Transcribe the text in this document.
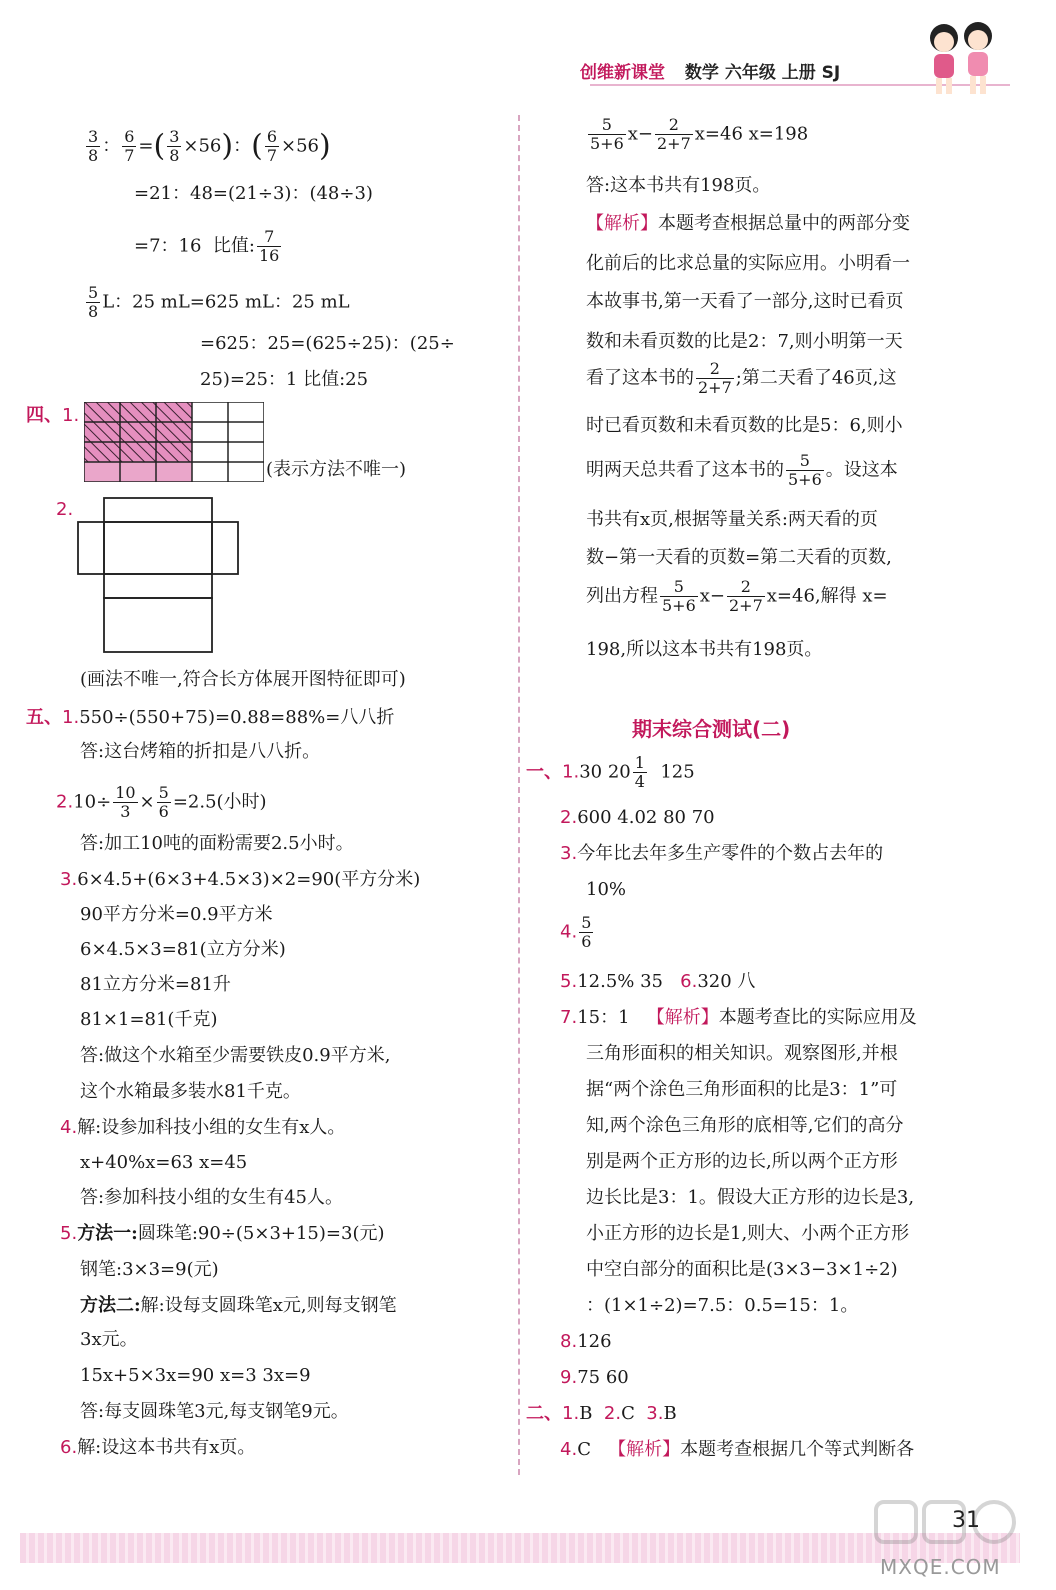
创维新课堂 数学 六年级 上册 SJ
$\frac{3}{8}$ ： $\frac{6}{7}$ =( $\frac{3}{8} \times 56$)：( $\frac{6}{7} \times 56$)
=21：48=(21÷3)：(48÷3)
=7：16 比值: $\frac{7}{16}$
$\frac{5}{8}$ L：25 mL=625 mL：25 mL
=625：25=(625÷25)：(25÷
25)=25：1 比值:25
四、1.
(表示方法不唯一)
2.
(画法不唯一,符合长方体展开图特征即可)
五、1.550÷(550+75)=0.88=88%=八八折
答:这台烤箱的折扣是八八折。
$2.10\div \frac{10}{3} \times \frac{5}{6} =2.5$(小时)
答:加工10吨的面粉需要2.5小时。
3.6×4.5+(6×3+4.5×3)×2=90(平方分米)
90平方分米=0.9平方米
6×4.5×3=81(立方分米)
81立方分米=81升
81×1=81(千克)
答:做这个水箱至少需要铁皮0.9平方米,
这个水箱最多装水81千克。
4.解:设参加科技小组的女生有x人。
x+40%x=63 x=45
答:参加科技小组的女生有45人。
5.方法一:圆珠笔:90÷(5×3+15)=3(元)
钢笔:3×3=9(元)
方法二:解:设每支圆珠笔x元,则每支钢笔
3x元。
15x+5×3x=90 x=3 3x=9
答:每支圆珠笔3元,每支钢笔9元。
6.解:设这本书共有x页。
$\frac{5}{5+6} x- \frac{2}{2+7} x=46$ x=198
答:这本书共有198页。
【解析】本题考查根据总量中的两部分变
化前后的比求总量的实际应用。小明看一
本故事书,第一天看了一部分,这时已看页
数和未看页数的比是2：7,则小明第一天
看了这本书的 $\frac{2}{2+7}$ ;第二天看了46页,这
时已看页数和未看页数的比是5：6,则小
明两天总共看了这本书的 $\frac{5}{5+6}$ 。设这本
书共有x页,根据等量关系:两天看的页
数−第一天看的页数=第二天看的页数,
列出方程 $\frac{5}{5+6} x- \frac{2}{2+7} x=46$,解得 x=
198,所以这本书共有198页。
期末综合测试(二)
一、1.30 $20 \frac{1}{4} 125$
2.600 4.02 80 70
3.今年比去年多生产零件的个数占去年的
10%
4. $\frac{5}{6}$
5.12.5% 35 6.320 八
7.15：1 【解析】本题考查比的实际应用及
三角形面积的相关知识。观察图形,并根
据“两个涂色三角形面积的比是3：1”可
知,两个涂色三角形的底相等,它们的高分
别是两个正方形的边长,所以两个正方形
边长比是3：1。假设大正方形的边长是3,
小正方形的边长是1,则大、小两个正方形
中空白部分的面积比是(3×3−3×1÷2)
：(1×1÷2)=7.5：0.5=15：1。
8.126
9.75 60
二、1.B 2.C 3.B
4.C 【解析】本题考查根据几个等式判断各
31
MXQE.COM
